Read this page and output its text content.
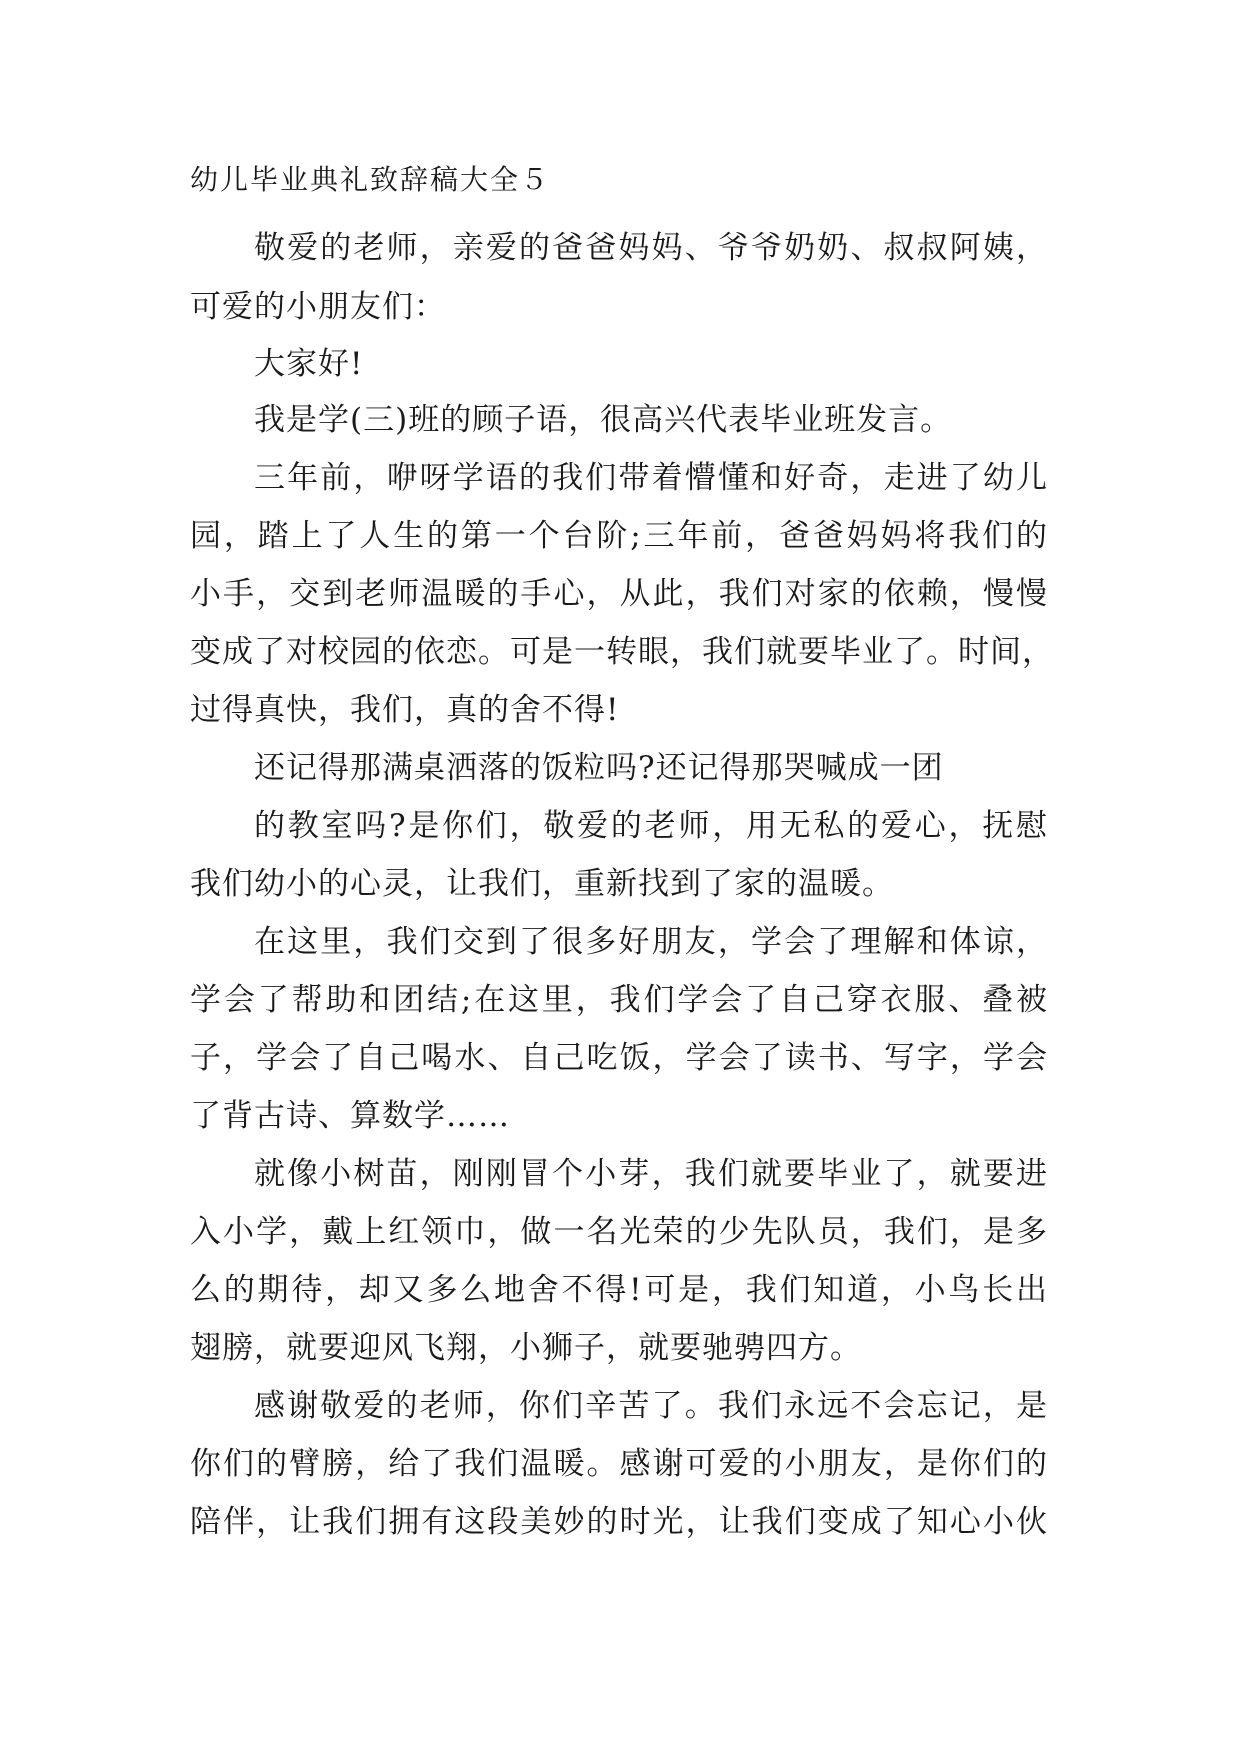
幼儿毕业典礼致辞稿大全５
敬爱的老师，亲爱的爸爸妈妈、爷爷奶奶、叔叔阿姨，
可爱的小朋友们：
大家好!
我是学(三)班的顾子语，很高兴代表毕业班发言。
三年前，咿呀学语的我们带着懵懂和好奇，走进了幼儿
园，踏上了人生的第一个台阶;三年前，爸爸妈妈将我们的
小手，交到老师温暖的手心，从此，我们对家的依赖，慢慢
变成了对校园的依恋。可是一转眼，我们就要毕业了。时间，
过得真快，我们，真的舍不得!
还记得那满桌洒落的饭粒吗?还记得那哭喊成一团
的教室吗?是你们，敬爱的老师，用无私的爱心，抚慰
我们幼小的心灵，让我们，重新找到了家的温暖。
在这里，我们交到了很多好朋友，学会了理解和体谅，
学会了帮助和团结;在这里，我们学会了自己穿衣服、叠被
子，学会了自己喝水、自己吃饭，学会了读书、写字，学会
了背古诗、算数学……
就像小树苗，刚刚冒个小芽，我们就要毕业了，就要进
入小学，戴上红领巾，做一名光荣的少先队员，我们，是多
么的期待，却又多么地舍不得!可是，我们知道，小鸟长出
翅膀，就要迎风飞翔，小狮子，就要驰骋四方。
感谢敬爱的老师，你们辛苦了。我们永远不会忘记，是
你们的臂膀，给了我们温暖。感谢可爱的小朋友，是你们的
陪伴，让我们拥有这段美妙的时光，让我们变成了知心小伙
